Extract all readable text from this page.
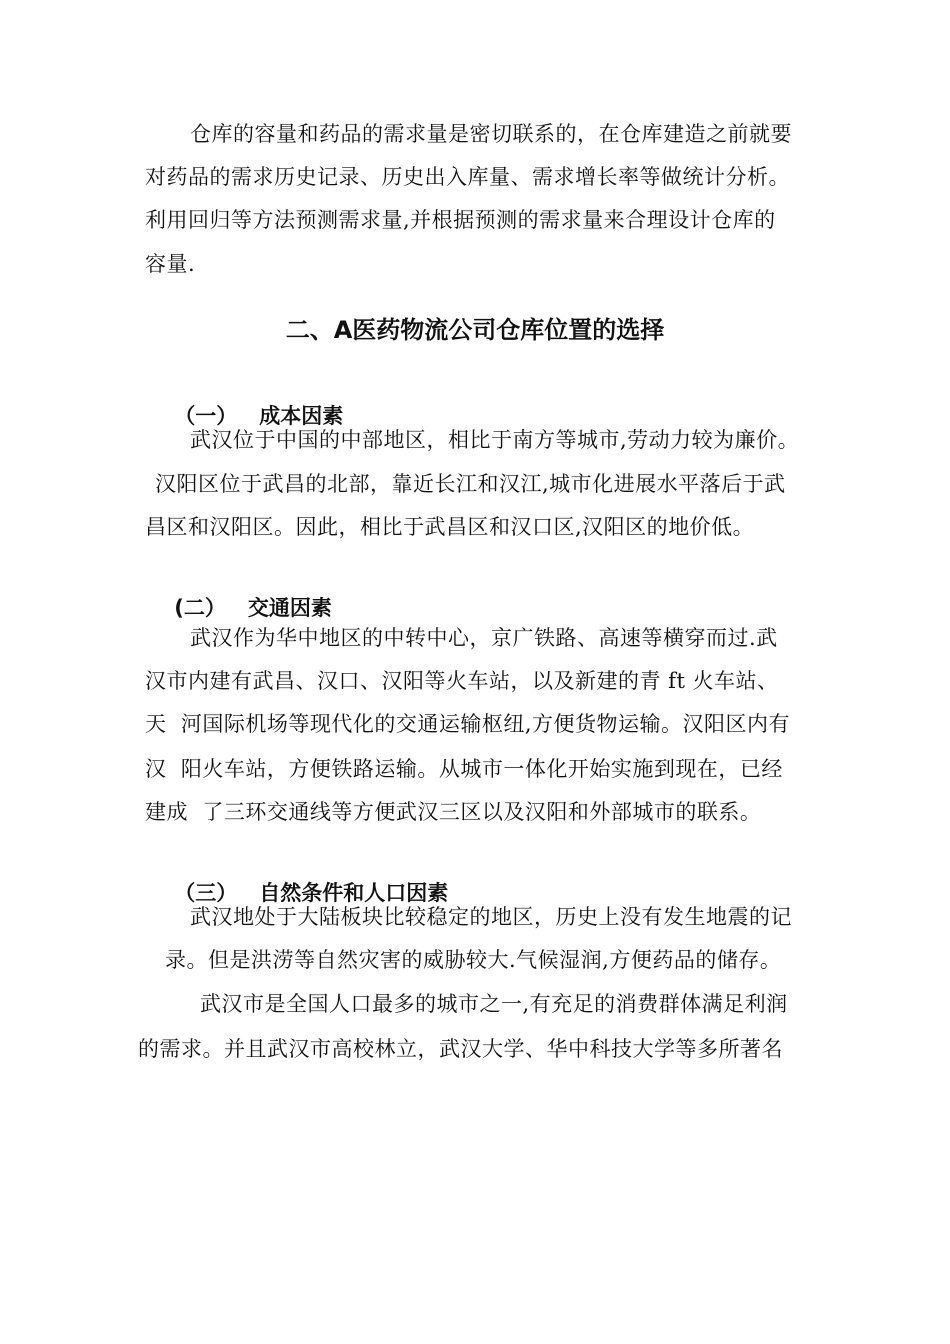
仓库的容量和药品的需求量是密切联系的，在仓库建造之前就要
对药品的需求历史记录、历史出入库量、需求增长率等做统计分析。
利用回归等方法预测需求量,并根据预测的需求量来合理设计仓库的
容量.
二、A医药物流公司仓库位置的选择

（一） 成本因素

武汉位于中国的中部地区，相比于南方等城市,劳动力较为廉价。
汉阳区位于武昌的北部，靠近长江和汉江,城市化进展水平落后于武
昌区和汉阳区。因此，相比于武昌区和汉口区,汉阳区的地价低。

(二） 交通因素

武汉作为华中地区的中转中心，京广铁路、高速等横穿而过.武
汉市内建有武昌、汉口、汉阳等火车站，以及新建的青 ft 火车站、
天  河国际机场等现代化的交通运输枢纽,方便货物运输。汉阳区内有
汉  阳火车站，方便铁路运输。从城市一体化开始实施到现在，已经
建成  了三环交通线等方便武汉三区以及汉阳和外部城市的联系。

（三） 自然条件和人口因素

武汉地处于大陆板块比较稳定的地区，历史上没有发生地震的记
录。但是洪涝等自然灾害的威胁较大.气候湿润,方便药品的储存。
武汉市是全国人口最多的城市之一,有充足的消费群体满足利润
的需求。并且武汉市高校林立，武汉大学、华中科技大学等多所著名
